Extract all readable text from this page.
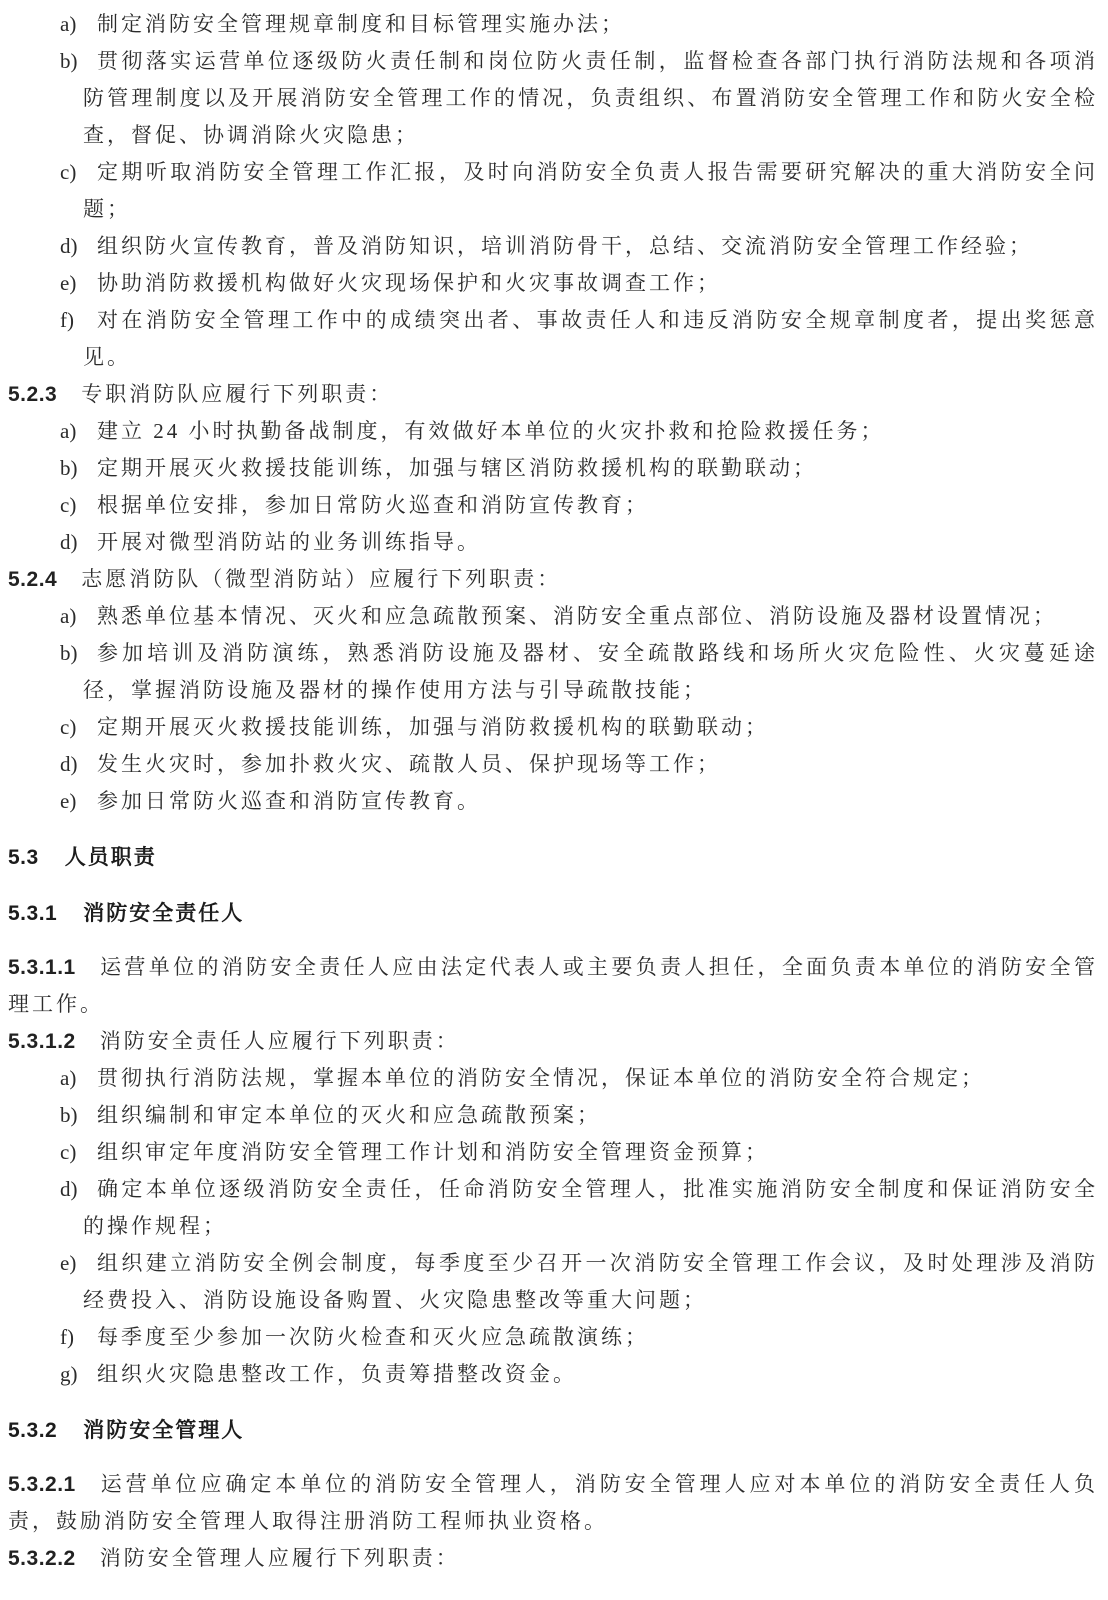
a) 制定消防安全管理规章制度和目标管理实施办法；
b) 贯彻落实运营单位逐级防火责任制和岗位防火责任制，监督检查各部门执行消防法规和各项消防管理制度以及开展消防安全管理工作的情况，负责组织、布置消防安全管理工作和防火安全检查，督促、协调消除火灾隐患；
c) 定期听取消防安全管理工作汇报，及时向消防安全负责人报告需要研究解决的重大消防安全问题；
d) 组织防火宣传教育，普及消防知识，培训消防骨干，总结、交流消防安全管理工作经验；
e) 协助消防救援机构做好火灾现场保护和火灾事故调查工作；
f) 对在消防安全管理工作中的成绩突出者、事故责任人和违反消防安全规章制度者，提出奖惩意见。
5.2.3 专职消防队应履行下列职责：
a) 建立 24 小时执勤备战制度，有效做好本单位的火灾扑救和抢险救援任务；
b) 定期开展灭火救援技能训练，加强与辖区消防救援机构的联勤联动；
c) 根据单位安排，参加日常防火巡查和消防宣传教育；
d) 开展对微型消防站的业务训练指导。
5.2.4 志愿消防队（微型消防站）应履行下列职责：
a) 熟悉单位基本情况、灭火和应急疏散预案、消防安全重点部位、消防设施及器材设置情况；
b) 参加培训及消防演练，熟悉消防设施及器材、安全疏散路线和场所火灾危险性、火灾蔓延途径，掌握消防设施及器材的操作使用方法与引导疏散技能；
c) 定期开展灭火救援技能训练，加强与消防救援机构的联勤联动；
d) 发生火灾时，参加扑救火灾、疏散人员、保护现场等工作；
e) 参加日常防火巡查和消防宣传教育。
5.3 人员职责
5.3.1 消防安全责任人
5.3.1.1 运营单位的消防安全责任人应由法定代表人或主要负责人担任，全面负责本单位的消防安全管理工作。
5.3.1.2 消防安全责任人应履行下列职责：
a) 贯彻执行消防法规，掌握本单位的消防安全情况，保证本单位的消防安全符合规定；
b) 组织编制和审定本单位的灭火和应急疏散预案；
c) 组织审定年度消防安全管理工作计划和消防安全管理资金预算；
d) 确定本单位逐级消防安全责任，任命消防安全管理人，批准实施消防安全制度和保证消防安全的操作规程；
e) 组织建立消防安全例会制度，每季度至少召开一次消防安全管理工作会议，及时处理涉及消防经费投入、消防设施设备购置、火灾隐患整改等重大问题；
f) 每季度至少参加一次防火检查和灭火应急疏散演练；
g) 组织火灾隐患整改工作，负责筹措整改资金。
5.3.2 消防安全管理人
5.3.2.1 运营单位应确定本单位的消防安全管理人，消防安全管理人应对本单位的消防安全责任人负责，鼓励消防安全管理人取得注册消防工程师执业资格。
5.3.2.2 消防安全管理人应履行下列职责：
